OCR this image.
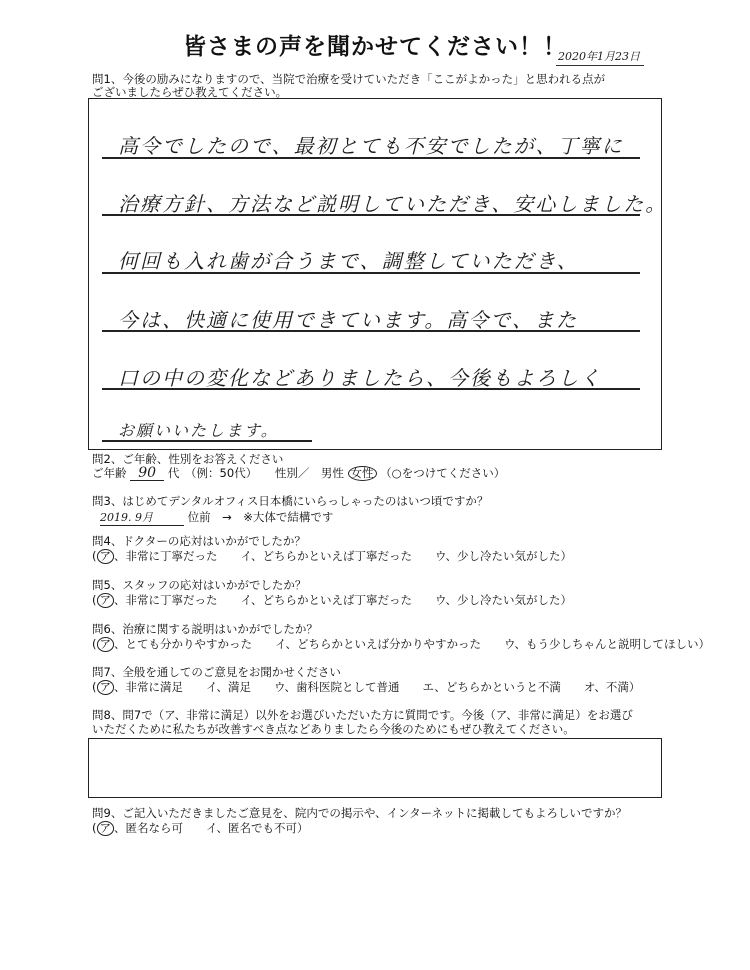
皆さまの声を聞かせてください！！
2020年1月23日
問1、今後の励みになりますので、当院で治療を受けていただき「ここがよかった」と思われる点が
ございましたらぜひ教えてください。
高令でしたので、最初とても不安でしたが、丁寧に
治療方針、方法など説明していただき、安心しました。
何回も入れ歯が合うまで、調整していただき、
今は、快適に使用できています。高令で、また
口の中の変化などありましたら、今後もよろしく
お願いいたします。
問2、ご年齢、性別をお答えください
ご年齢 90 代　（例：50代） 性別／　男性 女性 （○をつけてください）
問3、はじめてデンタルオフィス日本橋にいらっしゃったのはいつ頃ですか？
2019. 9月	位前　→　※大体で結構です
問4、ドクターの応対はいかがでしたか？
( ア 、非常に丁寧だった　　イ、どちらかといえば丁寧だった　　ウ、少し冷たい気がした）
問5、スタッフの応対はいかがでしたか？
( ア 、非常に丁寧だった　　イ、どちらかといえば丁寧だった　　ウ、少し冷たい気がした）
問6、治療に関する説明はいかがでしたか？
( ア 、とても分かりやすかった　　イ、どちらかといえば分かりやすかった　　ウ、もう少しちゃんと説明してほしい）
問7、全般を通してのご意見をお聞かせください
( ア 、非常に満足　　イ、満足　　ウ、歯科医院として普通　　エ、どちらかというと不満　　オ、不満）
問8、問7で（ア、非常に満足）以外をお選びいただいた方に質問です。今後（ア、非常に満足）をお選び
いただくために私たちが改善すべき点などありましたら今後のためにもぜひ教えてください。
問9、ご記入いただきましたご意見を、院内での掲示や、インターネットに掲載してもよろしいですか？
( ア 、匿名なら可　　イ、匿名でも不可）
